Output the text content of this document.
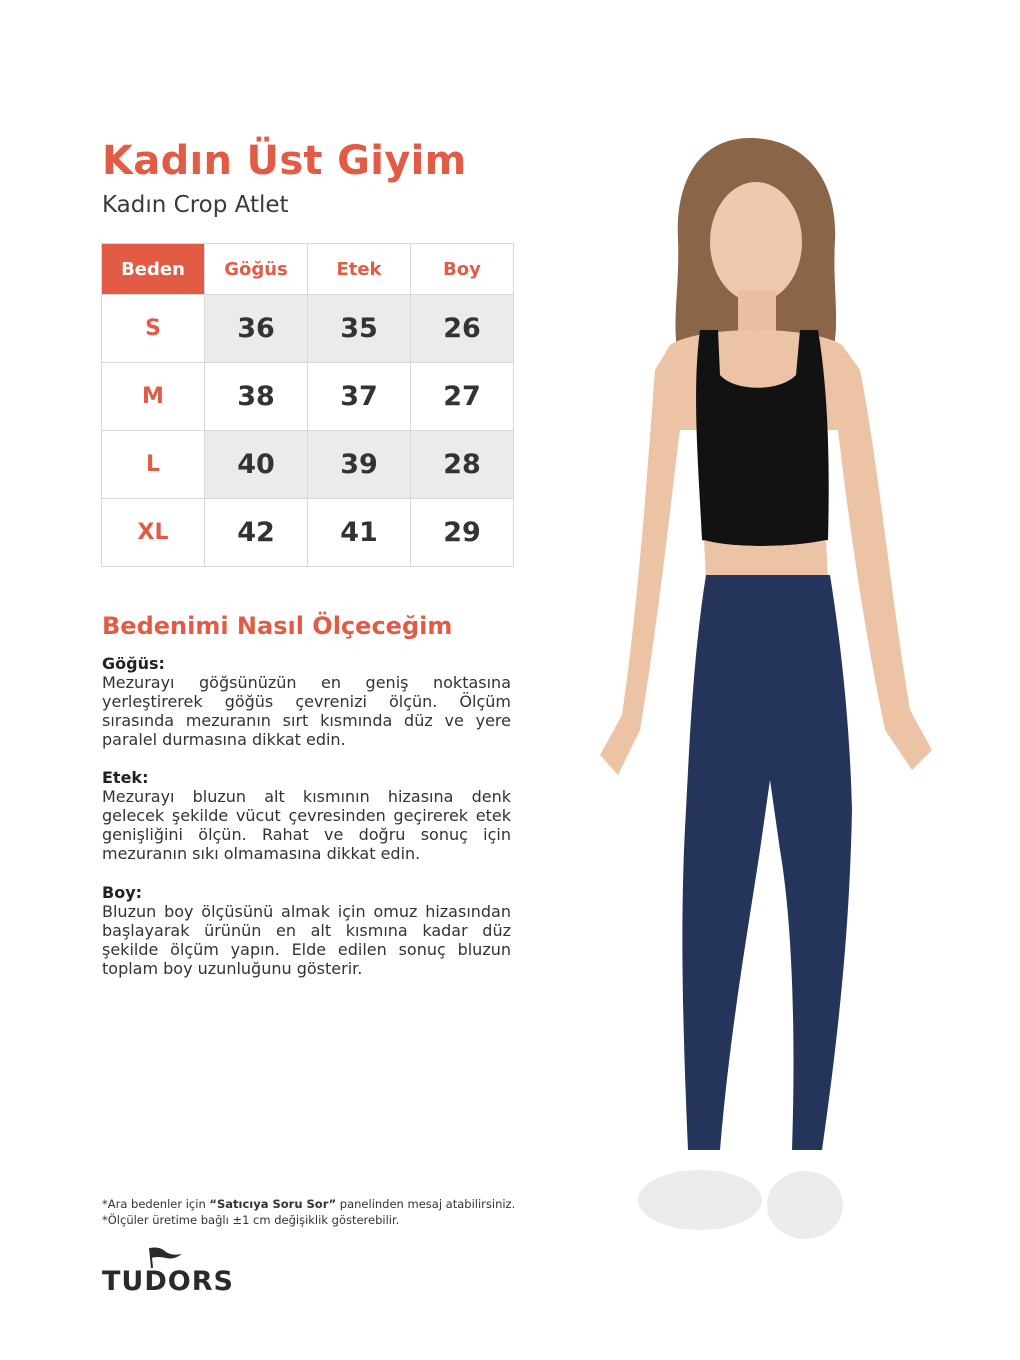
Kadın Üst Giyim
Kadın Crop Atlet
Beden	Göğüs	Etek	Boy
S	36	35	26
M	38	37	27
L	40	39	28
XL	42	41	29
Bedenimi Nasıl Ölçeceğim
Göğüs:
Mezurayı göğsünüzün en geniş noktasına yerleştirerek göğüs çevrenizi ölçün. Ölçüm sırasında mezuranın sırt kısmında düz ve yere paralel durmasına dikkat edin.
Etek:
Mezurayı bluzun alt kısmının hizasına denk gelecek şekilde vücut çevresinden geçirerek etek genişliğini ölçün. Rahat ve doğru sonuç için mezuranın sıkı olmamasına dikkat edin.
Boy:
Bluzun boy ölçüsünü almak için omuz hizasından başlayarak ürünün en alt kısmına kadar düz şekilde ölçüm yapın. Elde edilen sonuç bluzun toplam boy uzunluğunu gösterir.
*Ara bedenler için “Satıcıya Soru Sor” panelinden mesaj atabilirsiniz.
*Ölçüler üretime bağlı ±1 cm değişiklik gösterebilir.
TUDORS
